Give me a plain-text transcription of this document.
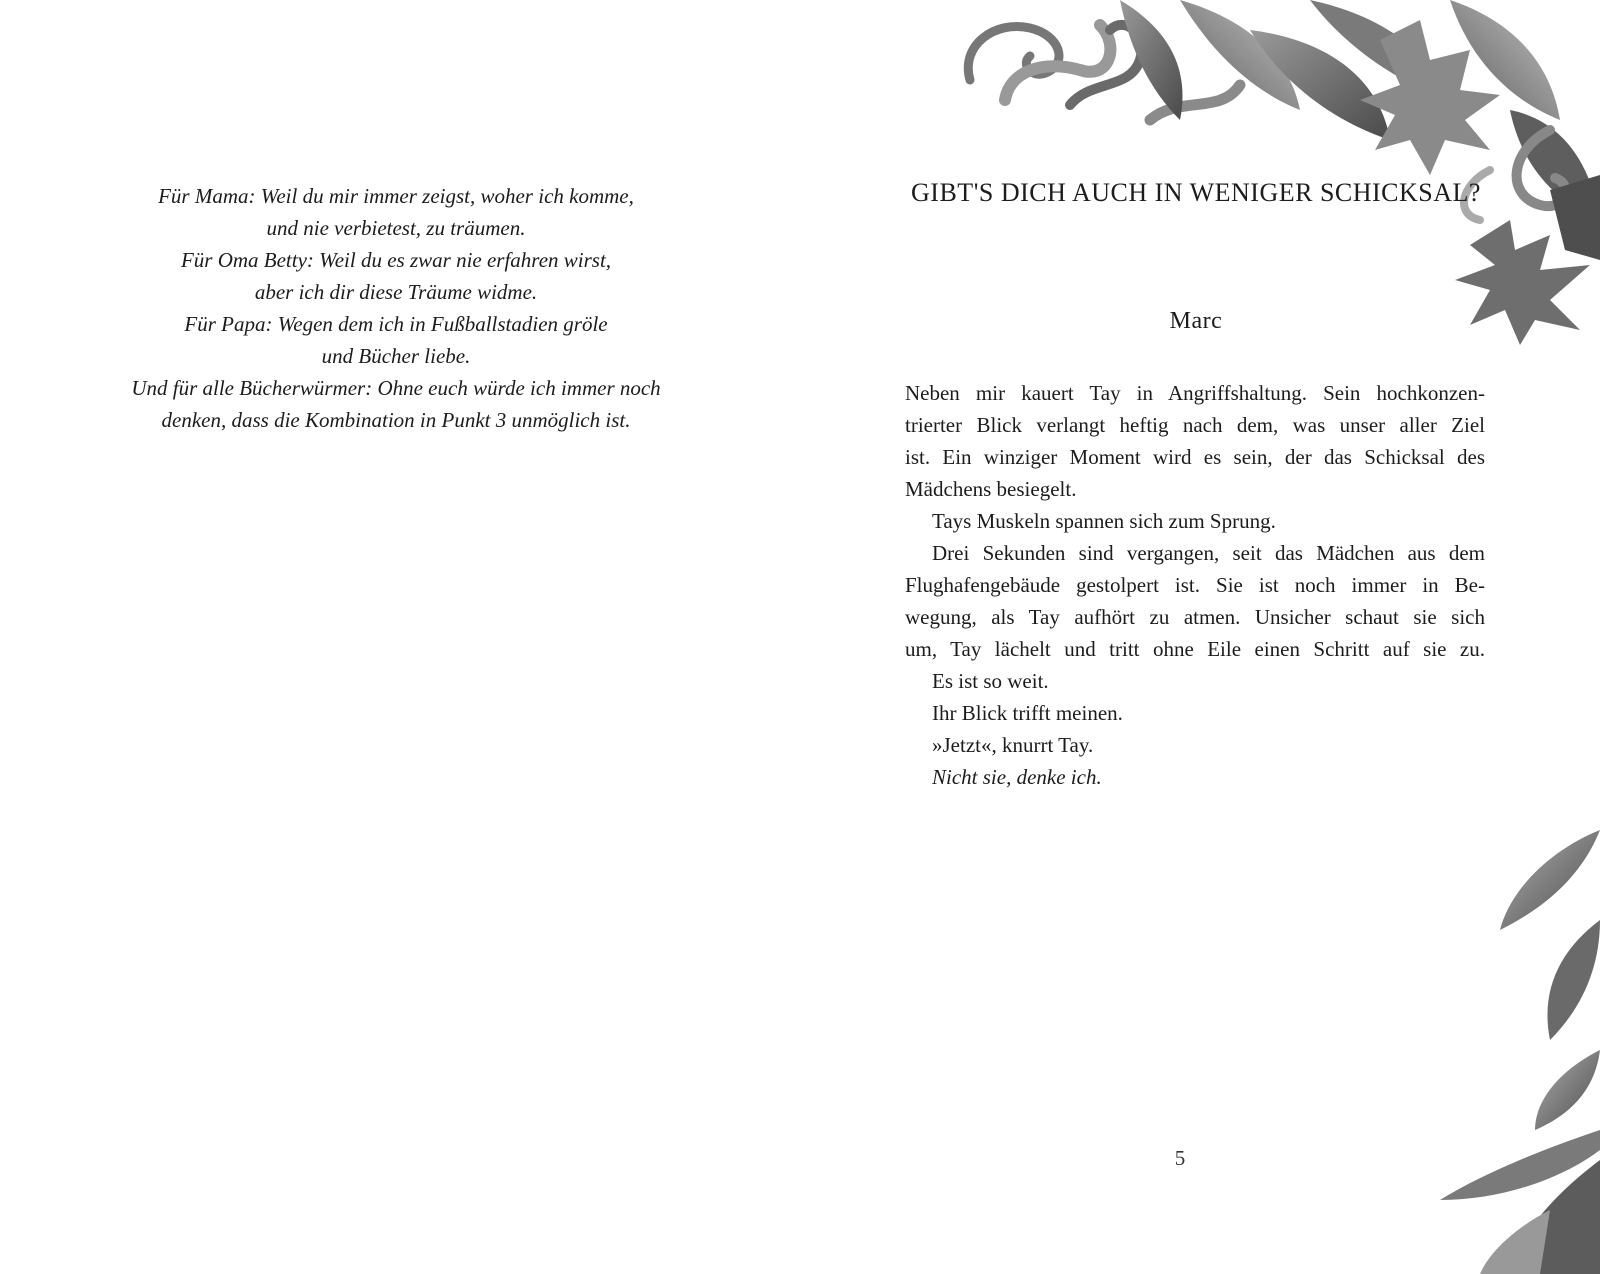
Für Mama: Weil du mir immer zeigst, woher ich komme,
und nie verbietest, zu träumen.
Für Oma Betty: Weil du es zwar nie erfahren wirst,
aber ich dir diese Träume widme.
Für Papa: Wegen dem ich in Fußballstadien gröle
und Bücher liebe.
Und für alle Bücherwürmer: Ohne euch würde ich immer noch
denken, dass die Kombination in Punkt 3 unmöglich ist.
GIBT'S DICH AUCH IN WENIGER SCHICKSAL?
Marc
Neben mir kauert Tay in Angriffshaltung. Sein hochkonzen-
trierter Blick verlangt heftig nach dem, was unser aller Ziel
ist. Ein winziger Moment wird es sein, der das Schicksal des
Mädchens besiegelt.
Tays Muskeln spannen sich zum Sprung.
Drei Sekunden sind vergangen, seit das Mädchen aus dem
Flughafengebäude gestolpert ist. Sie ist noch immer in Be-
wegung, als Tay aufhört zu atmen. Unsicher schaut sie sich
um, Tay lächelt und tritt ohne Eile einen Schritt auf sie zu.
Es ist so weit.
Ihr Blick trifft meinen.
»Jetzt«, knurrt Tay.
Nicht sie, denke ich.
5
